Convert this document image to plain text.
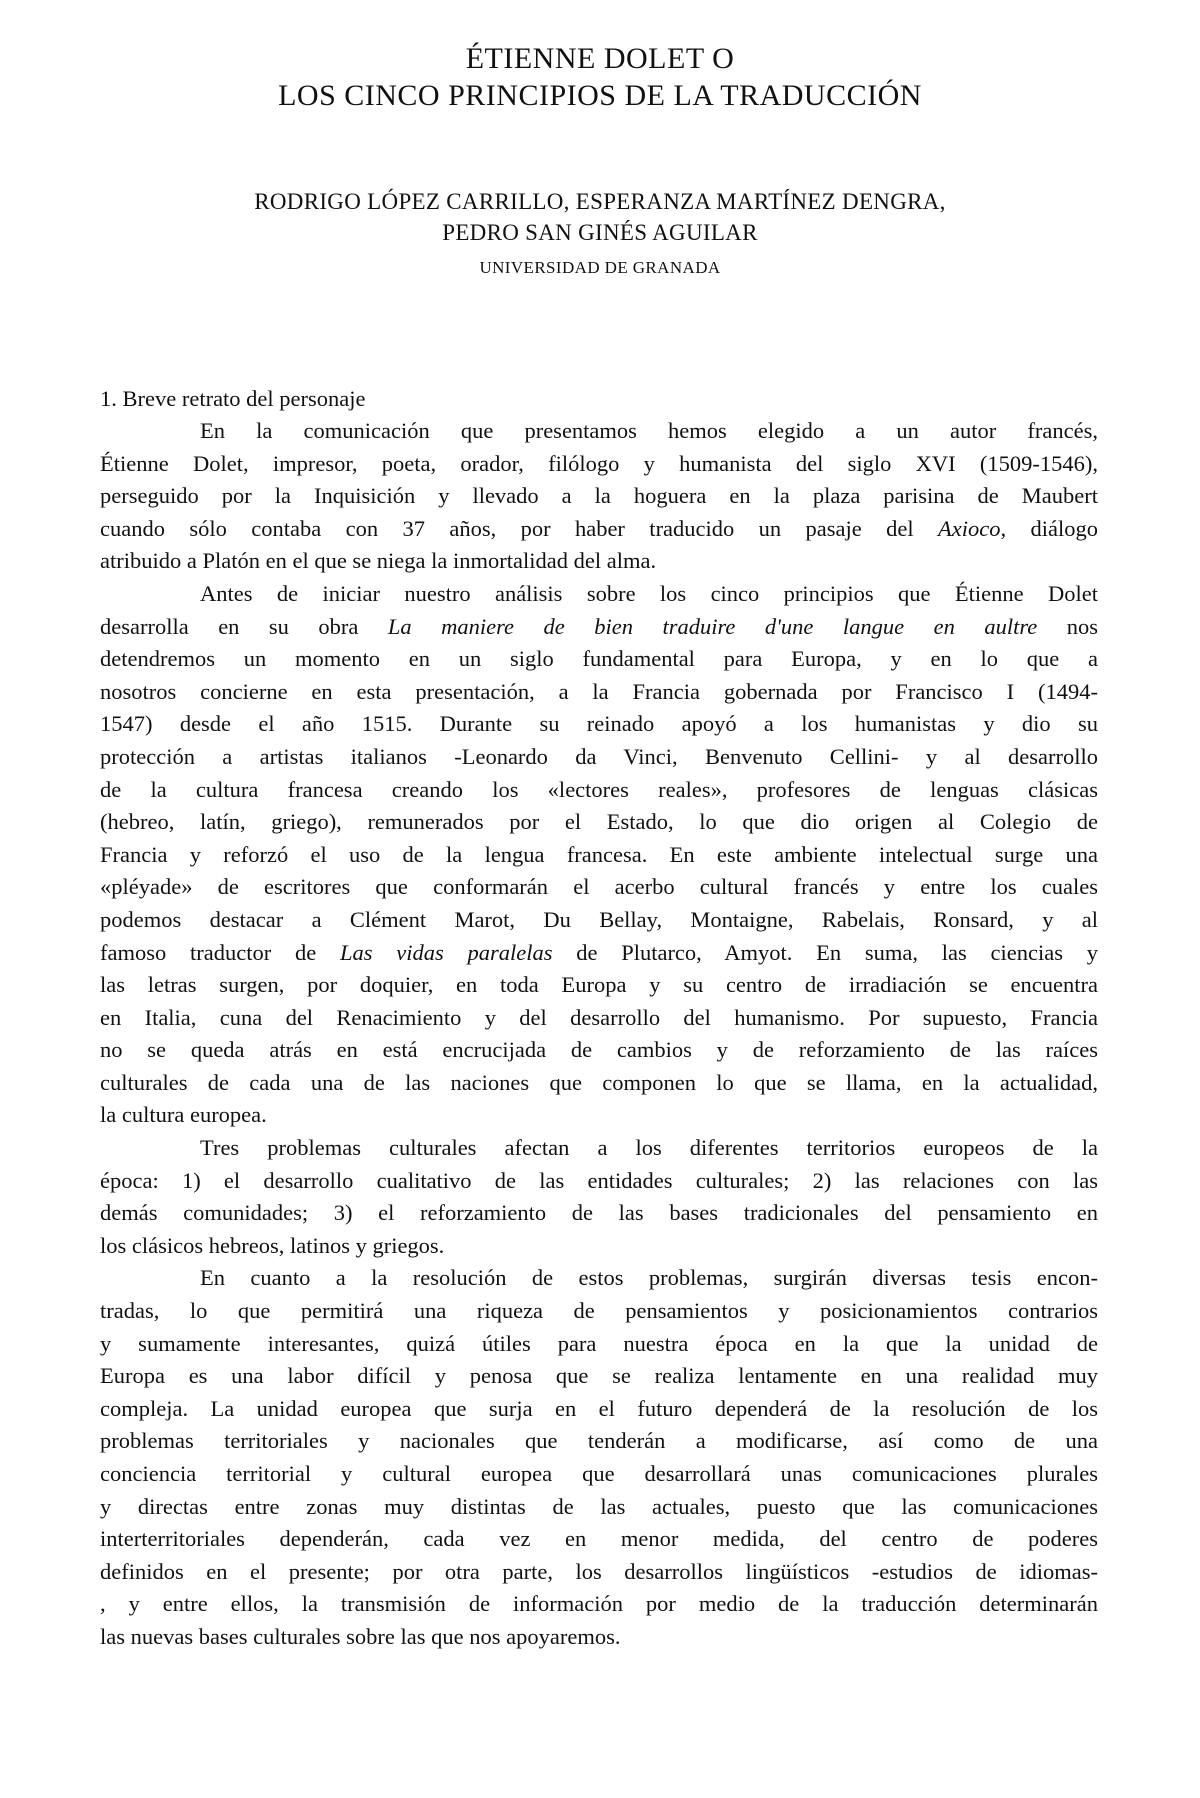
ÉTIENNE DOLET O
LOS CINCO PRINCIPIOS DE LA TRADUCCIÓN
RODRIGO LÓPEZ CARRILLO, ESPERANZA MARTÍNEZ DENGRA,
PEDRO SAN GINÉS AGUILAR
UNIVERSIDAD DE GRANADA
1. Breve retrato del personaje
En la comunicación que presentamos hemos elegido a un autor francés,
Étienne Dolet, impresor, poeta, orador, filólogo y humanista del siglo XVI (1509-1546),
perseguido por la Inquisición y llevado a la hoguera en la plaza parisina de Maubert
cuando sólo contaba con 37 años, por haber traducido un pasaje del Axioco, diálogo
atribuido a Platón en el que se niega la inmortalidad del alma.
Antes de iniciar nuestro análisis sobre los cinco principios que Étienne Dolet
desarrolla en su obra La maniere de bien traduire d'une langue en aultre nos
detendremos un momento en un siglo fundamental para Europa, y en lo que a
nosotros concierne en esta presentación, a la Francia gobernada por Francisco I (1494-
1547) desde el año 1515. Durante su reinado apoyó a los humanistas y dio su
protección a artistas italianos -Leonardo da Vinci, Benvenuto Cellini- y al desarrollo
de la cultura francesa creando los «lectores reales», profesores de lenguas clásicas
(hebreo, latín, griego), remunerados por el Estado, lo que dio origen al Colegio de
Francia y reforzó el uso de la lengua francesa. En este ambiente intelectual surge una
«pléyade» de escritores que conformarán el acerbo cultural francés y entre los cuales
podemos destacar a Clément Marot, Du Bellay, Montaigne, Rabelais, Ronsard, y al
famoso traductor de Las vidas paralelas de Plutarco, Amyot. En suma, las ciencias y
las letras surgen, por doquier, en toda Europa y su centro de irradiación se encuentra
en Italia, cuna del Renacimiento y del desarrollo del humanismo. Por supuesto, Francia
no se queda atrás en está encrucijada de cambios y de reforzamiento de las raíces
culturales de cada una de las naciones que componen lo que se llama, en la actualidad,
la cultura europea.
Tres problemas culturales afectan a los diferentes territorios europeos de la
época: 1) el desarrollo cualitativo de las entidades culturales; 2) las relaciones con las
demás comunidades; 3) el reforzamiento de las bases tradicionales del pensamiento en
los clásicos hebreos, latinos y griegos.
En cuanto a la resolución de estos problemas, surgirán diversas tesis encon-
tradas, lo que permitirá una riqueza de pensamientos y posicionamientos contrarios
y sumamente interesantes, quizá útiles para nuestra época en la que la unidad de
Europa es una labor difícil y penosa que se realiza lentamente en una realidad muy
compleja. La unidad europea que surja en el futuro dependerá de la resolución de los
problemas territoriales y nacionales que tenderán a modificarse, así como de una
conciencia territorial y cultural europea que desarrollará unas comunicaciones plurales
y directas entre zonas muy distintas de las actuales, puesto que las comunicaciones
interterritoriales dependerán, cada vez en menor medida, del centro de poderes
definidos en el presente; por otra parte, los desarrollos lingüísticos -estudios de idiomas-
, y entre ellos, la transmisión de información por medio de la traducción determinarán
las nuevas bases culturales sobre las que nos apoyaremos.
